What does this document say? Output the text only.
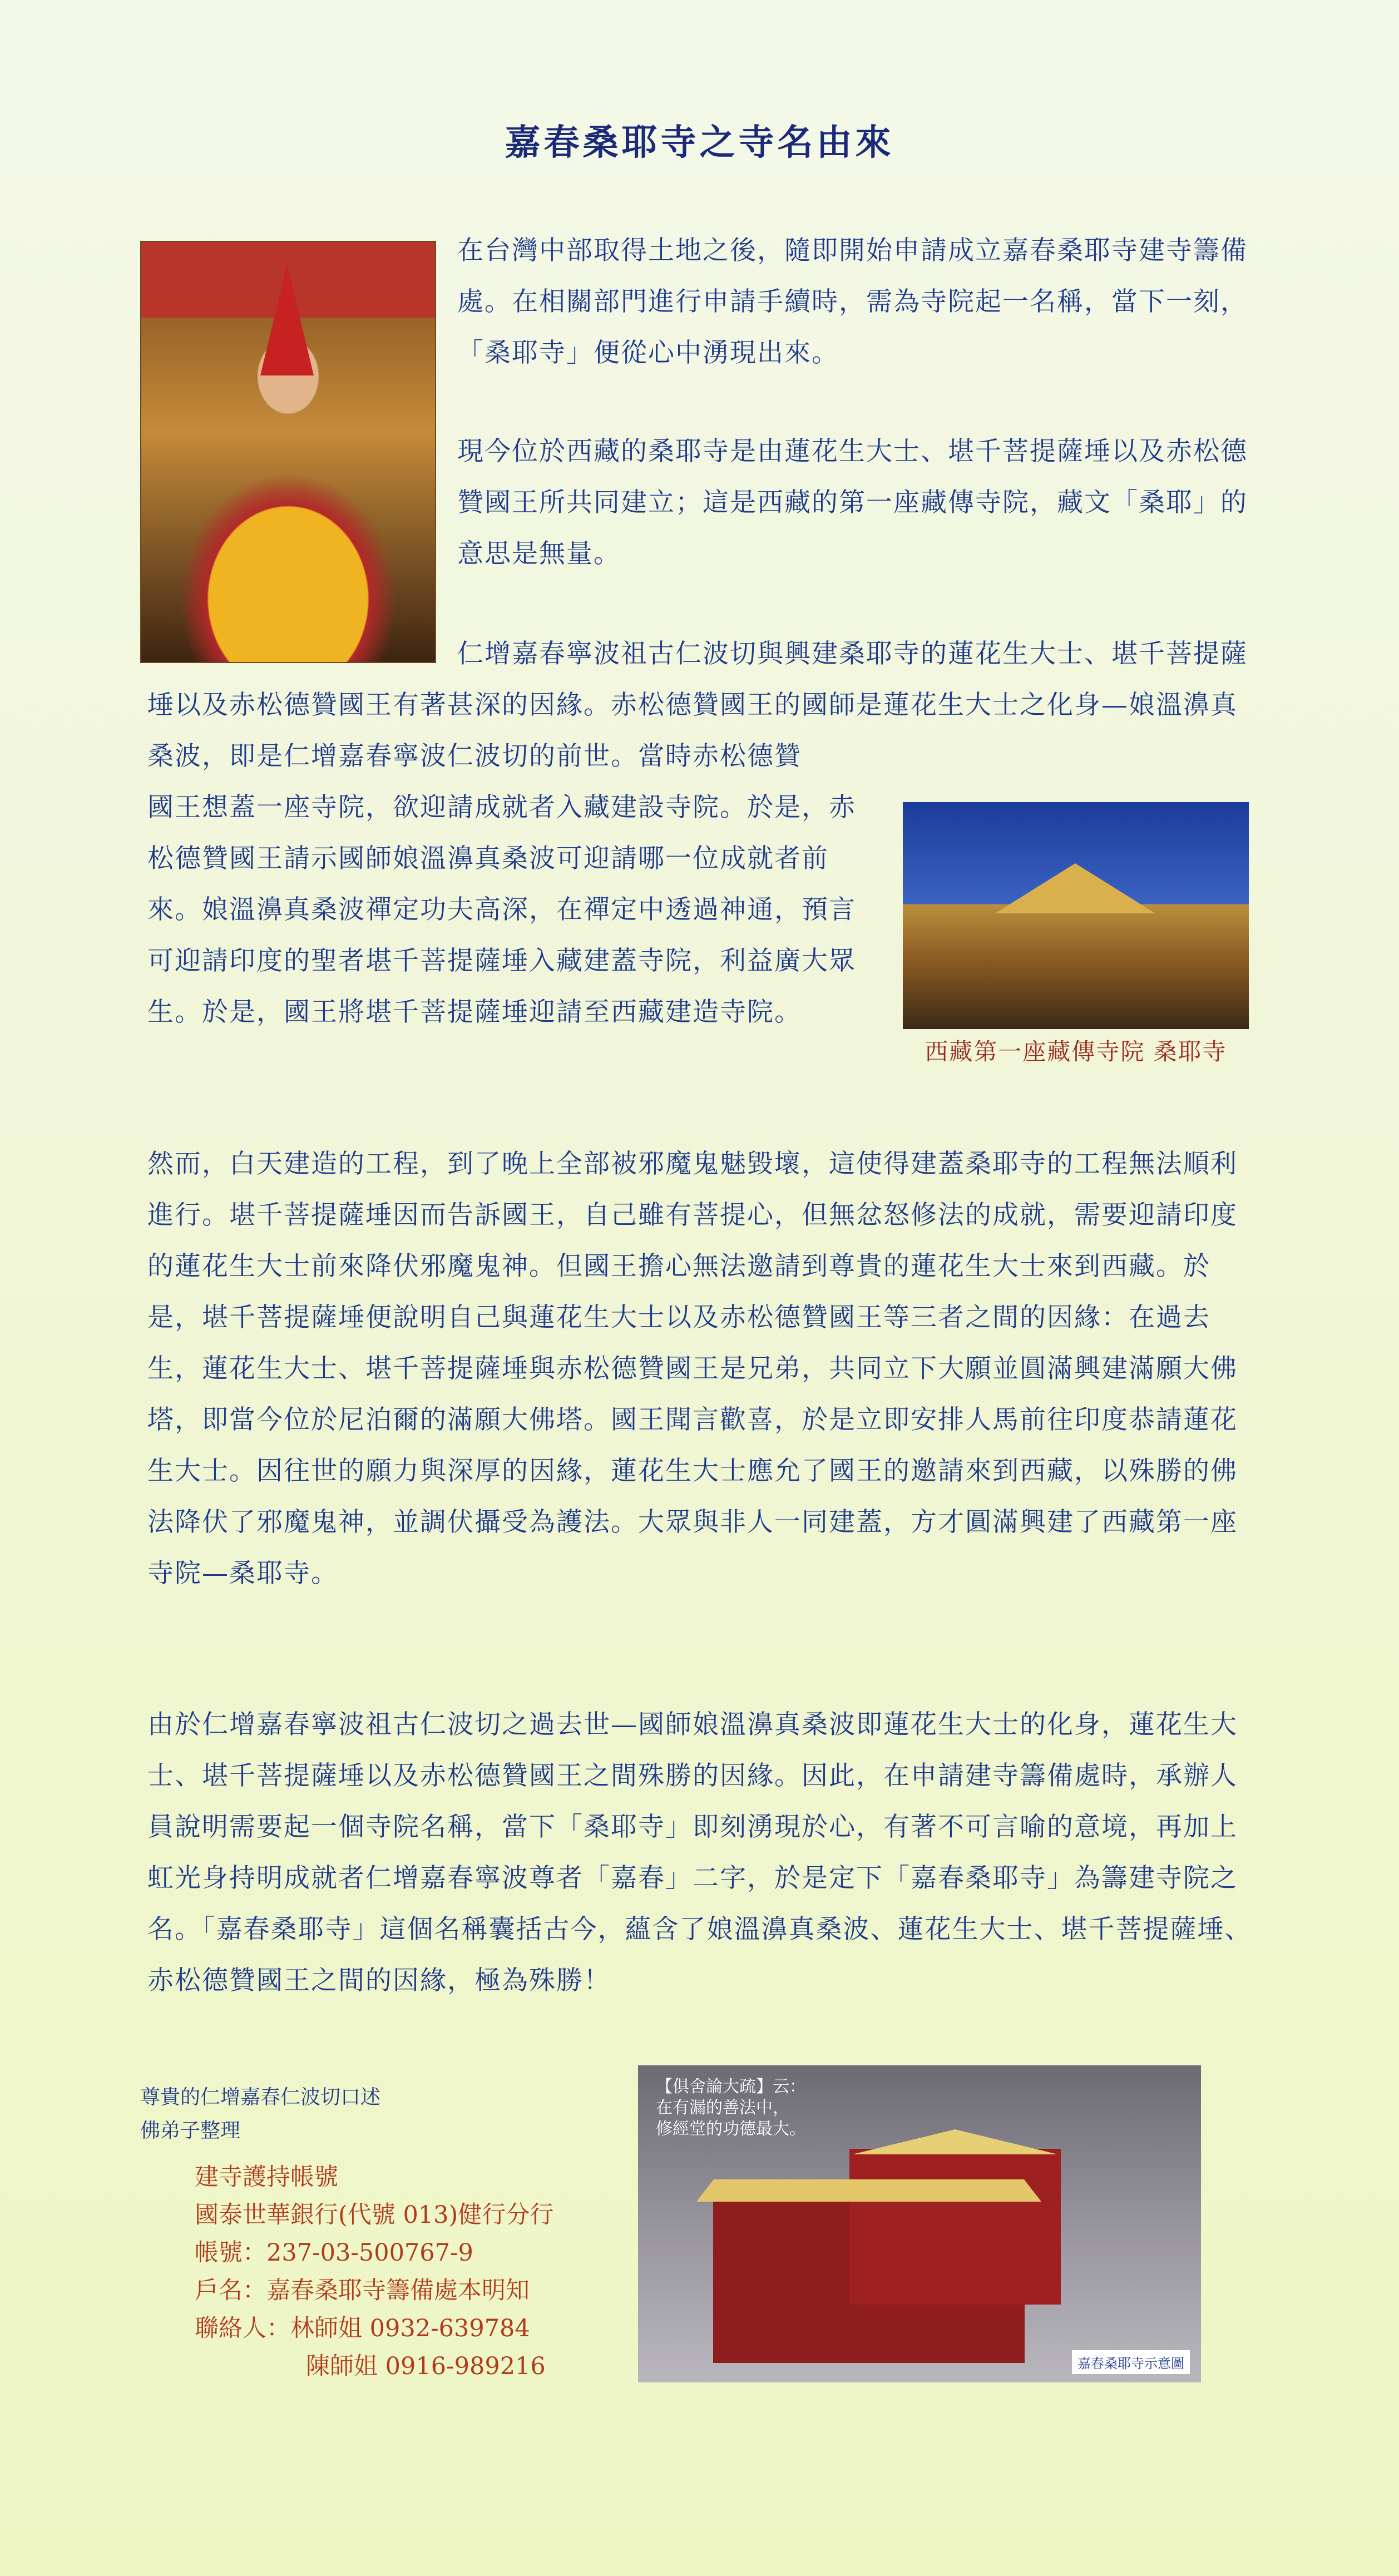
嘉春桑耶寺之寺名由來

在台灣中部取得土地之後，隨即開始申請成立嘉春桑耶寺建寺籌備處。在相關部門進行申請手續時，需為寺院起一名稱，當下一刻，「桑耶寺」便從心中湧現出來。

現今位於西藏的桑耶寺是由蓮花生大士、堪千菩提薩埵以及赤松德贊國王所共同建立；這是西藏的第一座藏傳寺院，藏文「桑耶」的意思是無量。

仁增嘉春寧波祖古仁波切與興建桑耶寺的蓮花生大士、堪千菩提薩埵以及赤松德贊國王有著甚深的因緣。赤松德贊國王的國師是蓮花生大士之化身—娘溫濞真桑波，即是仁增嘉春寧波仁波切的前世。當時赤松德贊

國王想蓋一座寺院，欲迎請成就者入藏建設寺院。於是，赤松德贊國王請示國師娘溫濞真桑波可迎請哪一位成就者前來。娘溫濞真桑波禪定功夫高深，在禪定中透過神通，預言可迎請印度的聖者堪千菩提薩埵入藏建蓋寺院，利益廣大眾生。於是，國王將堪千菩提薩埵迎請至西藏建造寺院。

西藏第一座藏傳寺院 桑耶寺

然而，白天建造的工程，到了晚上全部被邪魔鬼魅毀壞，這使得建蓋桑耶寺的工程無法順利進行。堪千菩提薩埵因而告訴國王，自己雖有菩提心，但無忿怒修法的成就，需要迎請印度的蓮花生大士前來降伏邪魔鬼神。但國王擔心無法邀請到尊貴的蓮花生大士來到西藏。於是，堪千菩提薩埵便說明自己與蓮花生大士以及赤松德贊國王等三者之間的因緣：在過去生，蓮花生大士、堪千菩提薩埵與赤松德贊國王是兄弟，共同立下大願並圓滿興建滿願大佛塔，即當今位於尼泊爾的滿願大佛塔。國王聞言歡喜，於是立即安排人馬前往印度恭請蓮花生大士。因往世的願力與深厚的因緣，蓮花生大士應允了國王的邀請來到西藏，以殊勝的佛法降伏了邪魔鬼神，並調伏攝受為護法。大眾與非人一同建蓋，方才圓滿興建了西藏第一座寺院—桑耶寺。

由於仁增嘉春寧波祖古仁波切之過去世—國師娘溫濞真桑波即蓮花生大士的化身，蓮花生大士、堪千菩提薩埵以及赤松德贊國王之間殊勝的因緣。因此，在申請建寺籌備處時，承辦人員說明需要起一個寺院名稱，當下「桑耶寺」即刻湧現於心，有著不可言喻的意境，再加上虹光身持明成就者仁增嘉春寧波尊者「嘉春」二字，於是定下「嘉春桑耶寺」為籌建寺院之名。「嘉春桑耶寺」這個名稱囊括古今，蘊含了娘溫濞真桑波、蓮花生大士、堪千菩提薩埵、赤松德贊國王之間的因緣，極為殊勝！

尊貴的仁增嘉春仁波切口述
佛弟子整理
建寺護持帳號
國泰世華銀行(代號 013)健行分行
帳號：237-03-500767-9
戶名：嘉春桑耶寺籌備處本明知
聯絡人：林師姐 0932-639784
陳師姐 0916-989216
【俱舍論大疏】云：
在有漏的善法中，
修經堂的功德最大。
嘉春桑耶寺示意圖
